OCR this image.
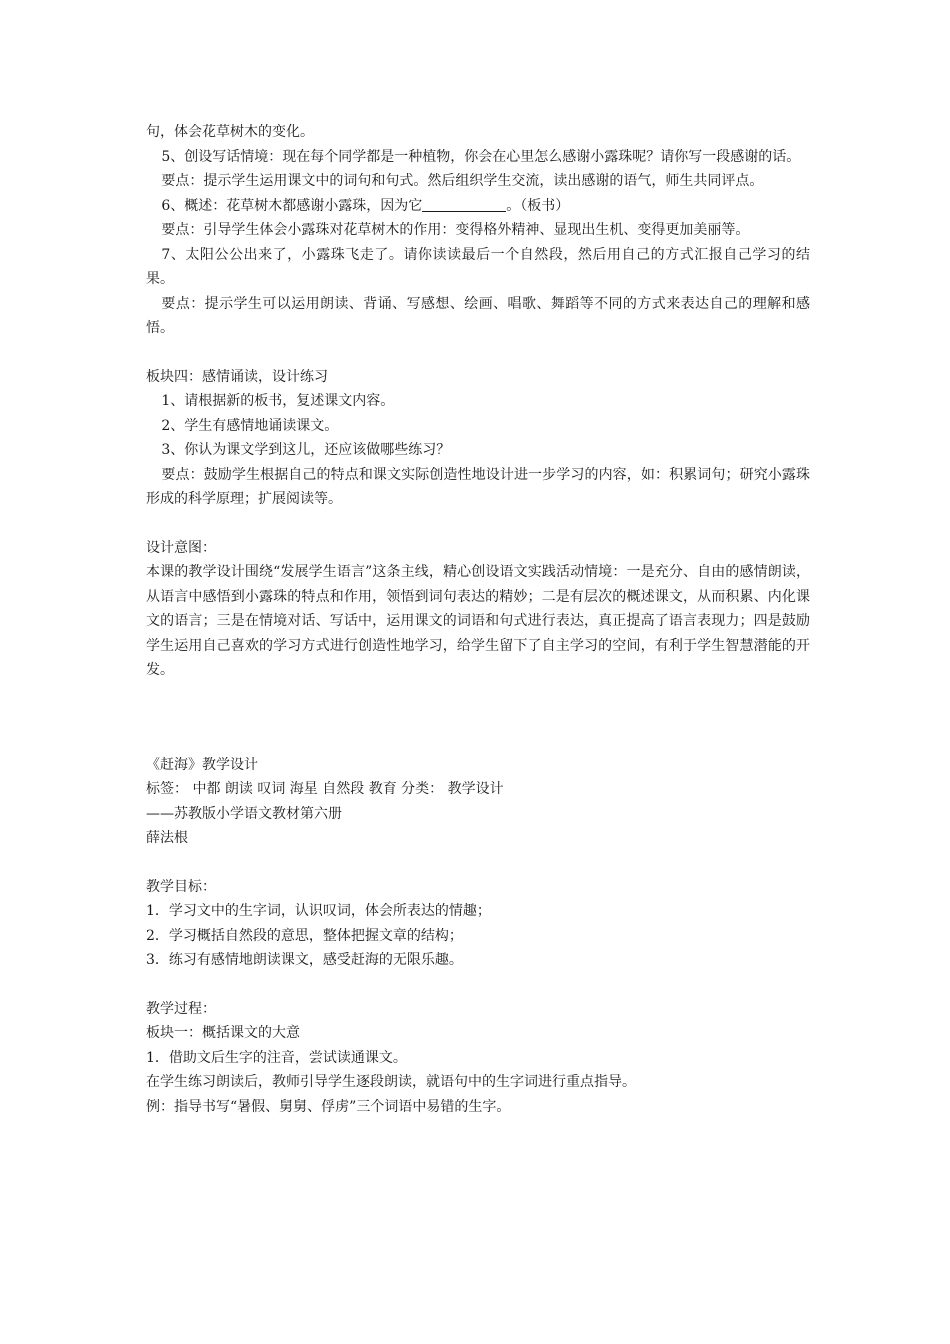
句，体会花草树木的变化。
5、创设写话情境：现在每个同学都是一种植物，你会在心里怎么感谢小露珠呢？请你写一段感谢的话。
要点：提示学生运用课文中的词句和句式。然后组织学生交流，读出感谢的语气，师生共同评点。
6、概述：花草树木都感谢小露珠，因为它	。（板书）
要点：引导学生体会小露珠对花草树木的作用：变得格外精神、显现出生机、变得更加美丽等。
7、太阳公公出来了，小露珠飞走了。请你读读最后一个自然段，然后用自己的方式汇报自己学习的结果。
要点：提示学生可以运用朗读、背诵、写感想、绘画、唱歌、舞蹈等不同的方式来表达自己的理解和感悟。
板块四：感情诵读，设计练习
1、请根据新的板书，复述课文内容。
2、学生有感情地诵读课文。
3、你认为课文学到这儿，还应该做哪些练习？
要点：鼓励学生根据自己的特点和课文实际创造性地设计进一步学习的内容，如：积累词句；研究小露珠形成的科学原理；扩展阅读等。
设计意图：
本课的教学设计围绕“发展学生语言”这条主线，精心创设语文实践活动情境：一是充分、自由的感情朗读，从语言中感悟到小露珠的特点和作用，领悟到词句表达的精妙；二是有层次的概述课文，从而积累、内化课文的语言；三是在情境对话、写话中，运用课文的词语和句式进行表达，真正提高了语言表现力；四是鼓励学生运用自己喜欢的学习方式进行创造性地学习，给学生留下了自主学习的空间，有利于学生智慧潜能的开发。
《赶海》教学设计
标签： 中都 朗读 叹词 海星 自然段 教育 分类： 教学设计
——苏教版小学语文教材第六册
薛法根
教学目标：
1．学习文中的生字词，认识叹词，体会所表达的情趣；
2．学习概括自然段的意思，整体把握文章的结构；
3．练习有感情地朗读课文，感受赶海的无限乐趣。
教学过程：
板块一：概括课文的大意
1．借助文后生字的注音，尝试读通课文。
在学生练习朗读后，教师引导学生逐段朗读，就语句中的生字词进行重点指导。
例：指导书写“暑假、舅舅、俘虏”三个词语中易错的生字。
